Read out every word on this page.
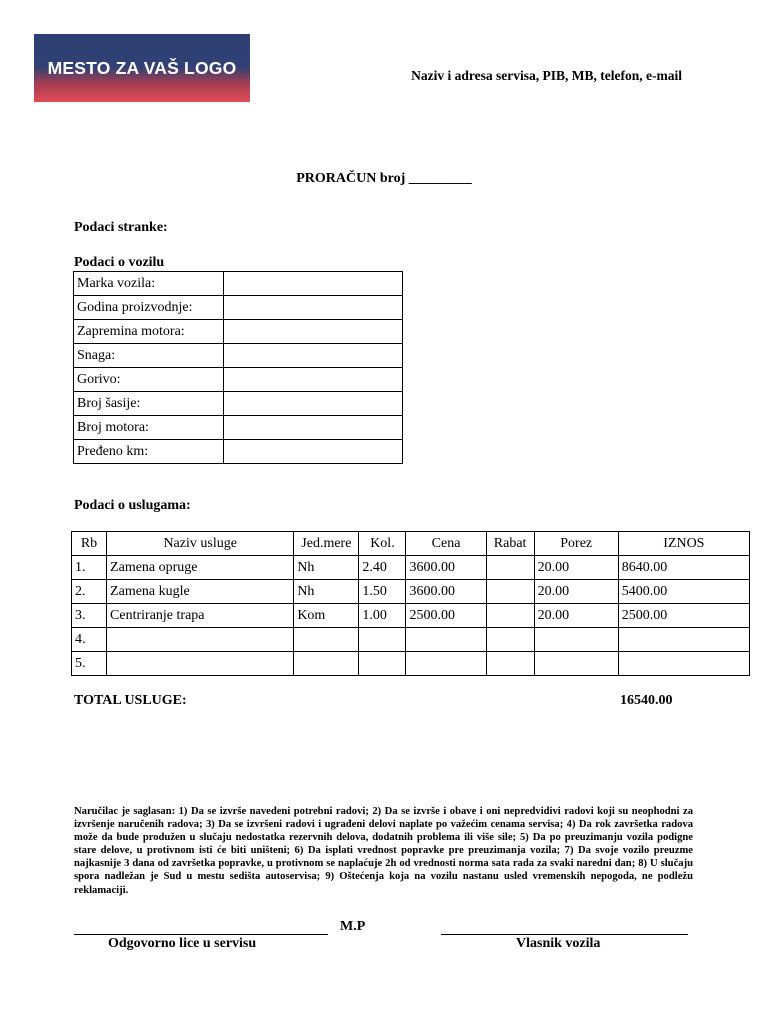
MESTO ZA VAŠ LOGO	Naziv i adresa servisa, PIB, MB, telefon, e-mail
PRORAČUN broj _________
Podaci stranke:
Podaci o vozilu
Marka vozila:	
Godina proizvodnje:	
Zapremina motora:	
Snaga:	
Gorivo:	
Broj šasije:	
Broj motora:	
Pređeno km:	
Podaci o uslugama:
Rb	Naziv usluge	Jed.mere	Kol.	Cena	Rabat	Porez	IZNOS
1.	Zamena opruge	Nh	2.40	3600.00		20.00	8640.00
2.	Zamena kugle	Nh	1.50	3600.00		20.00	5400.00
3.	Centriranje trapa	Kom	1.00	2500.00		20.00	2500.00
4.							
5.							
TOTAL USLUGE:	16540.00
Naručilac je saglasan: 1) Da se izvrše navedeni potrebni radovi; 2) Da se izvrše i obave i oni nepredvidivi radovi koji su neophodni za izvršenje naručenih radova; 3) Da se izvršeni radovi i ugrađeni delovi naplate po važećim cenama servisa; 4) Da rok završetka radova može da bude produžen u slučaju nedostatka rezervnih delova, dodatnih problema ili više sile; 5) Da po preuzimanju vozila podigne stare delove, u protivnom isti će biti uništeni; 6) Da isplati vrednost popravke pre preuzimanja vozila; 7) Da svoje vozilo preuzme najkasnije 3 dana od završetka popravke, u protivnom se naplaćuje 2h od vrednosti norma sata rada za svaki naredni dan; 8) U slučaju spora nadležan je Sud u mestu sedišta autoservisa; 9) Oštećenja koja na vozilu nastanu usled vremenskih nepogoda, ne podležu reklamaciji.
M.P
Odgovorno lice u servisu	Vlasnik vozila
